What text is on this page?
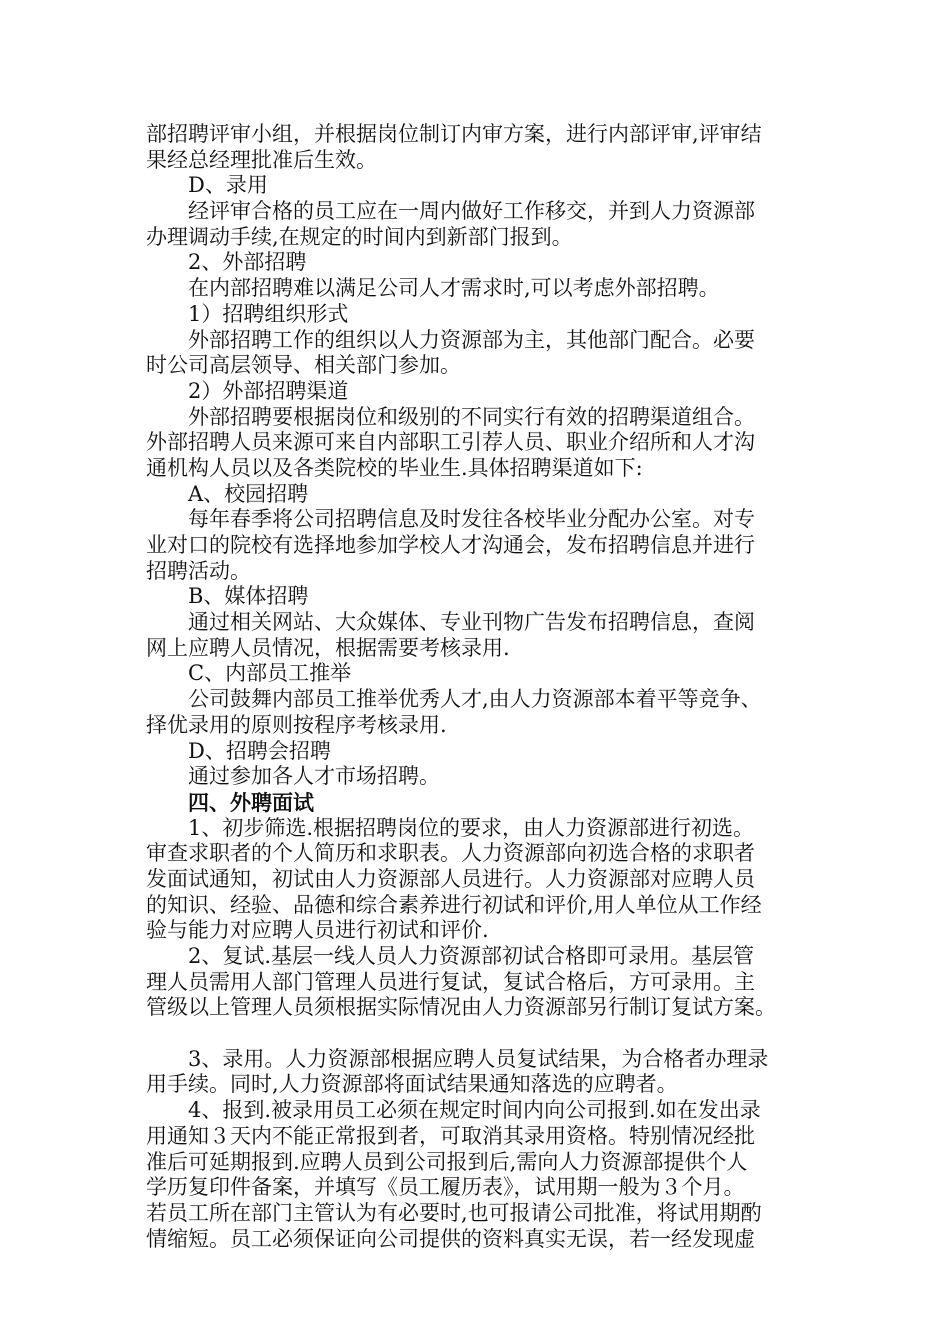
部招聘评审小组，并根据岗位制订内审方案，进行内部评审,评审结
果经总经理批准后生效。
D、录用
经评审合格的员工应在一周内做好工作移交，并到人力资源部
办理调动手续,在规定的时间内到新部门报到。
2、外部招聘
在内部招聘难以满足公司人才需求时,可以考虑外部招聘。
1）招聘组织形式
外部招聘工作的组织以人力资源部为主，其他部门配合。必要
时公司高层领导、相关部门参加。
2）外部招聘渠道
外部招聘要根据岗位和级别的不同实行有效的招聘渠道组合。
外部招聘人员来源可来自内部职工引荐人员、职业介绍所和人才沟
通机构人员以及各类院校的毕业生.具体招聘渠道如下:
A、校园招聘
每年春季将公司招聘信息及时发往各校毕业分配办公室。对专
业对口的院校有选择地参加学校人才沟通会，发布招聘信息并进行
招聘活动。
B、媒体招聘
通过相关网站、大众媒体、专业刊物广告发布招聘信息，查阅
网上应聘人员情况，根据需要考核录用.
C、内部员工推举
公司鼓舞内部员工推举优秀人才,由人力资源部本着平等竞争、
择优录用的原则按程序考核录用.
D、招聘会招聘
通过参加各人才市场招聘。
四、外聘面试
1、初步筛选.根据招聘岗位的要求，由人力资源部进行初选。
审查求职者的个人简历和求职表。人力资源部向初选合格的求职者
发面试通知，初试由人力资源部人员进行。人力资源部对应聘人员
的知识、经验、品德和综合素养进行初试和评价,用人单位从工作经
验与能力对应聘人员进行初试和评价.
2、复试.基层一线人员人力资源部初试合格即可录用。基层管
理人员需用人部门管理人员进行复试，复试合格后，方可录用。主
管级以上管理人员须根据实际情况由人力资源部另行制订复试方案。
3、录用。人力资源部根据应聘人员复试结果，为合格者办理录
用手续。同时,人力资源部将面试结果通知落选的应聘者。
4、报到.被录用员工必须在规定时间内向公司报到.如在发出录
用通知３天内不能正常报到者，可取消其录用资格。特别情况经批
准后可延期报到.应聘人员到公司报到后,需向人力资源部提供个人
学历复印件备案，并填写《员工履历表》，试用期一般为３个月。
若员工所在部门主管认为有必要时,也可报请公司批准，将试用期酌
情缩短。员工必须保证向公司提供的资料真实无误，若一经发现虚
